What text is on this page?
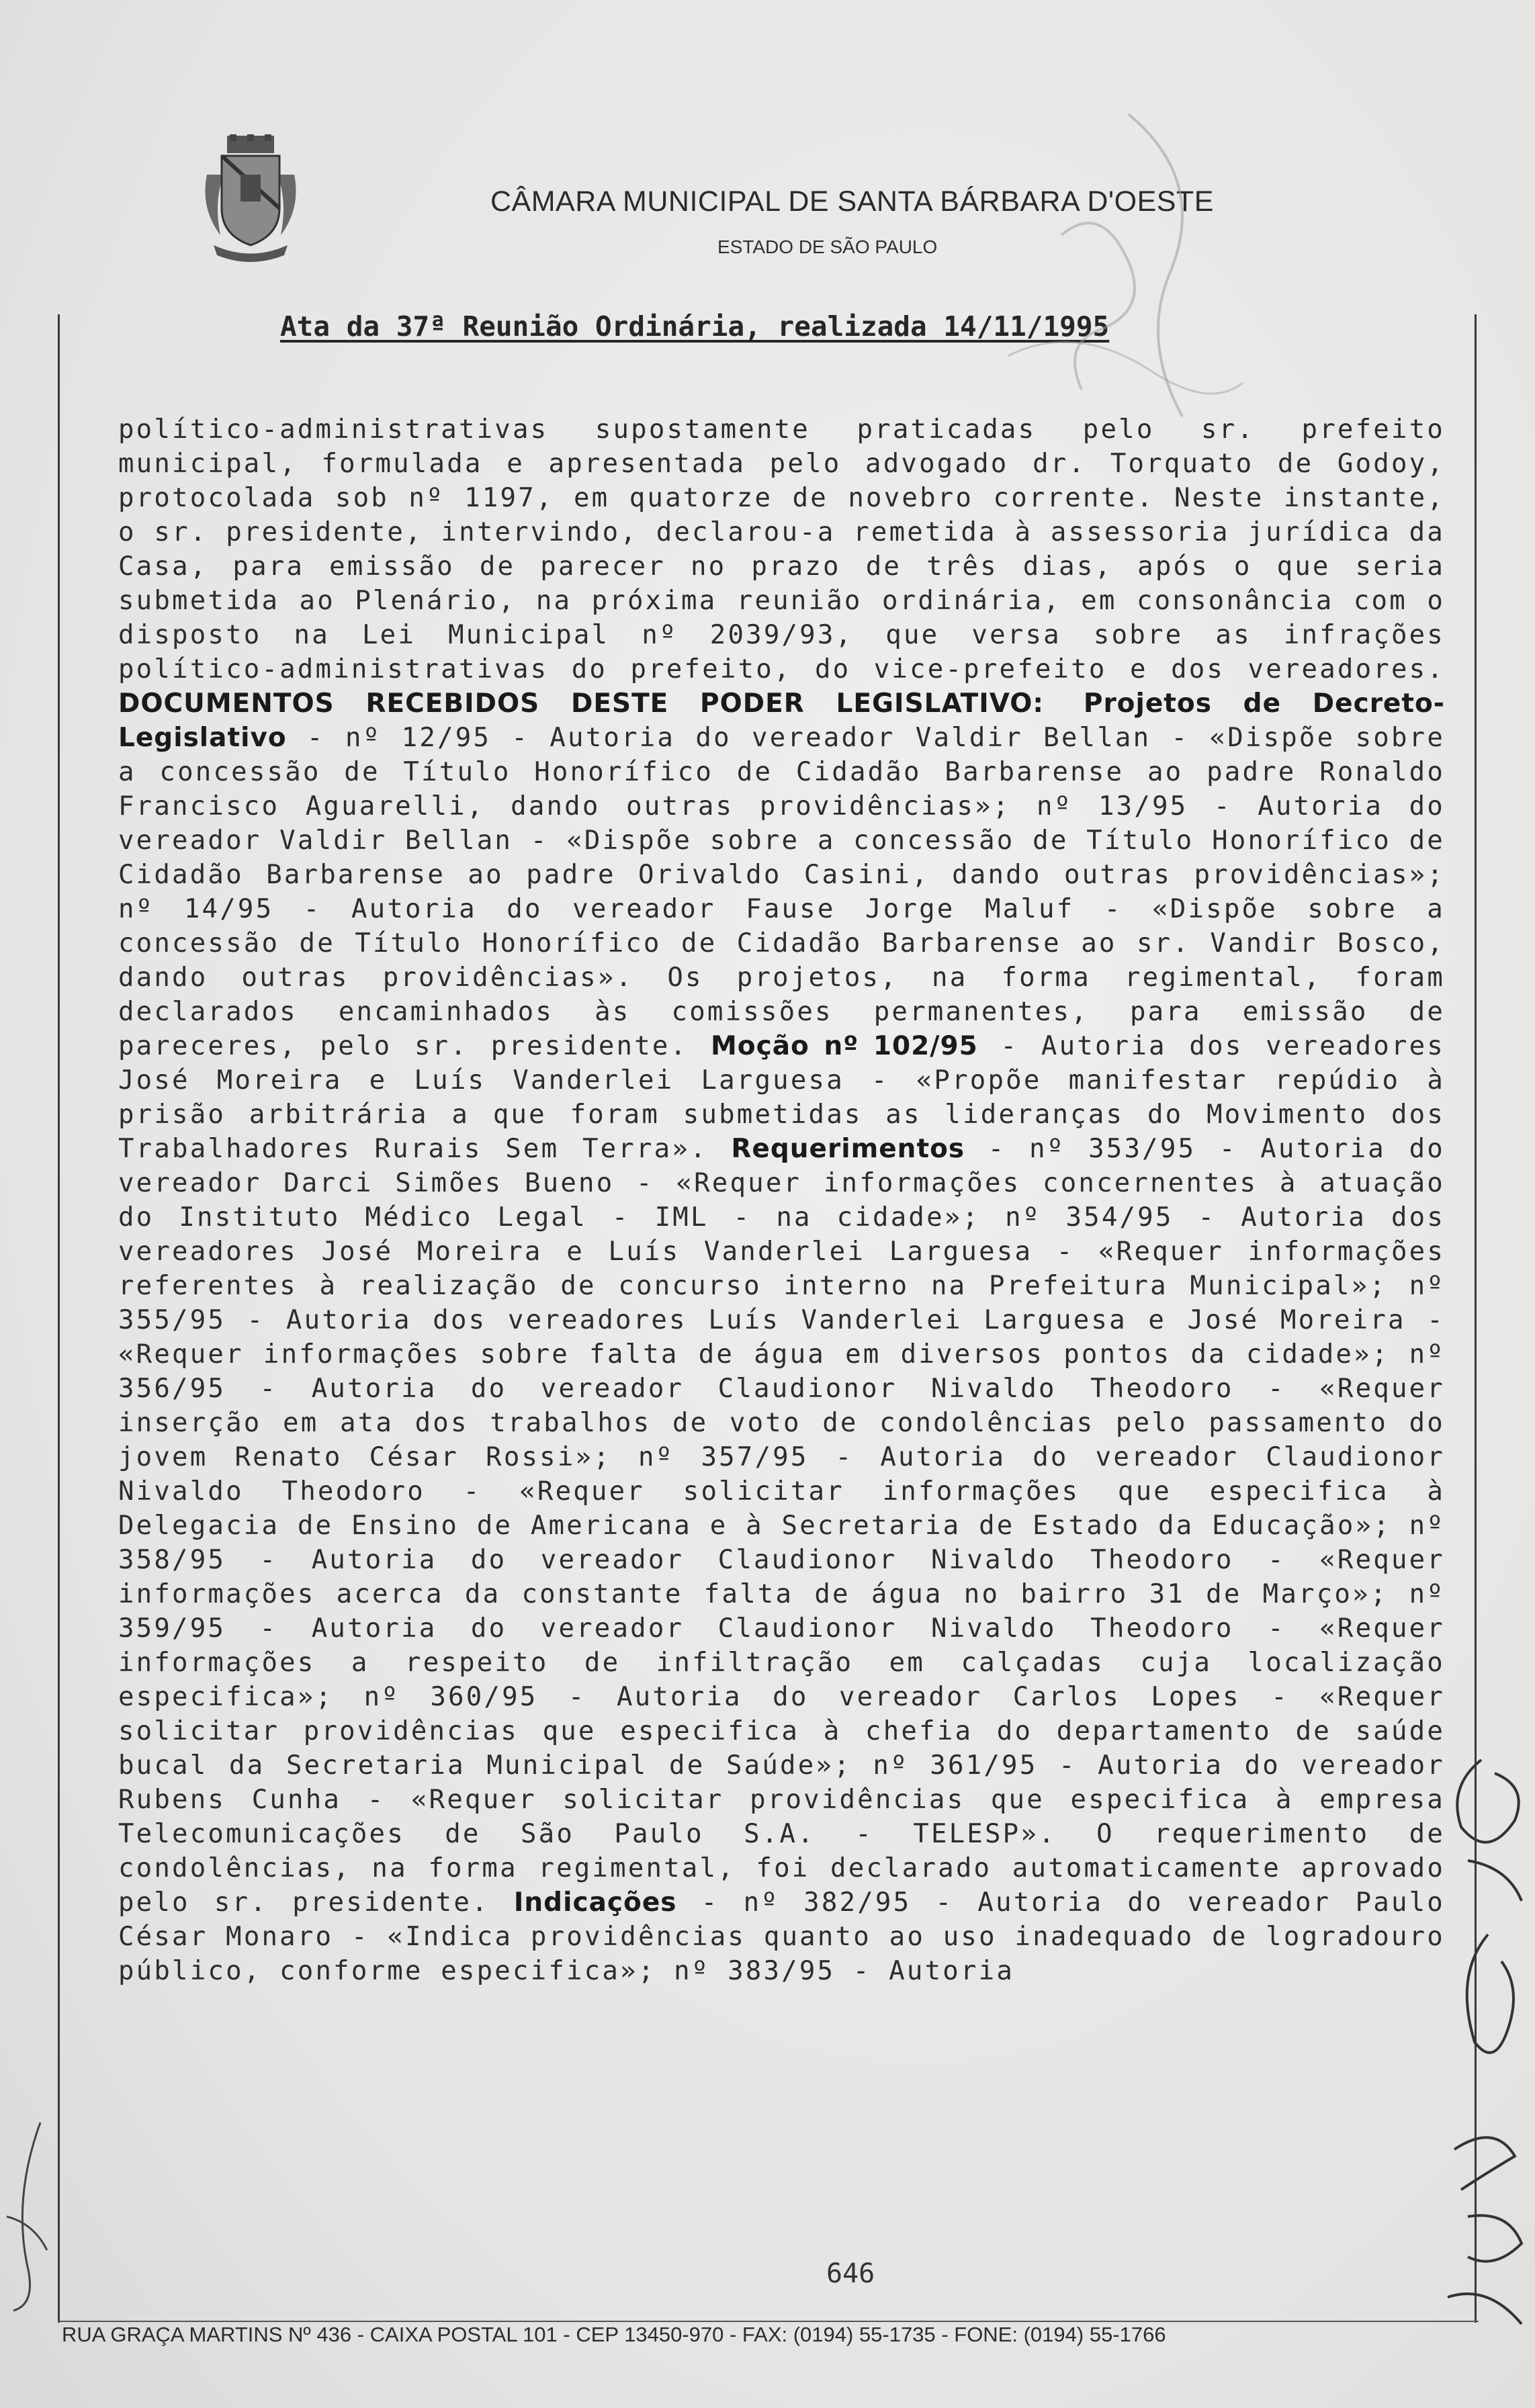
CÂMARA MUNICIPAL DE SANTA BÁRBARA D'OESTE
ESTADO DE SÃO PAULO
Ata da 37ª Reunião Ordinária, realizada 14/11/1995
político-administrativas supostamente praticadas pelo sr. prefeito municipal, formulada e apresentada pelo advogado dr. Torquato de Godoy, protocolada sob nº 1197, em quatorze de novebro corrente. Neste instante, o sr. presidente, intervindo, declarou-a remetida à assessoria jurídica da Casa, para emissão de parecer no prazo de três dias, após o que seria submetida ao Plenário, na próxima reunião ordinária, em consonância com o disposto na Lei Municipal nº 2039/93, que versa sobre as infrações político-administrativas do prefeito, do vice-prefeito e dos vereadores. DOCUMENTOS RECEBIDOS DESTE PODER LEGISLATIVO: Projetos de Decreto-Legislativo - nº 12/95 - Autoria do vereador Valdir Bellan - «Dispõe sobre a concessão de Título Honorífico de Cidadão Barbarense ao padre Ronaldo Francisco Aguarelli, dando outras providências»; nº 13/95 - Autoria do vereador Valdir Bellan - «Dispõe sobre a concessão de Título Honorífico de Cidadão Barbarense ao padre Orivaldo Casini, dando outras providências»; nº 14/95 - Autoria do vereador Fause Jorge Maluf - «Dispõe sobre a concessão de Título Honorífico de Cidadão Barbarense ao sr. Vandir Bosco, dando outras providências». Os projetos, na forma regimental, foram declarados encaminhados às comissões permanentes, para emissão de pareceres, pelo sr. presidente. Moção nº 102/95 - Autoria dos vereadores José Moreira e Luís Vanderlei Larguesa - «Propõe manifestar repúdio à prisão arbitrária a que foram submetidas as lideranças do Movimento dos Trabalhadores Rurais Sem Terra». Requerimentos - nº 353/95 - Autoria do vereador Darci Simões Bueno - «Requer informações concernentes à atuação do Instituto Médico Legal - IML - na cidade»; nº 354/95 - Autoria dos vereadores José Moreira e Luís Vanderlei Larguesa - «Requer informações referentes à realização de concurso interno na Prefeitura Municipal»; nº 355/95 - Autoria dos vereadores Luís Vanderlei Larguesa e José Moreira - «Requer informações sobre falta de água em diversos pontos da cidade»; nº 356/95 - Autoria do vereador Claudionor Nivaldo Theodoro - «Requer inserção em ata dos trabalhos de voto de condolências pelo passamento do jovem Renato César Rossi»; nº 357/95 - Autoria do vereador Claudionor Nivaldo Theodoro - «Requer solicitar informações que especifica à Delegacia de Ensino de Americana e à Secretaria de Estado da Educação»; nº 358/95 - Autoria do vereador Claudionor Nivaldo Theodoro - «Requer informações acerca da constante falta de água no bairro 31 de Março»; nº 359/95 - Autoria do vereador Claudionor Nivaldo Theodoro - «Requer informações a respeito de infiltração em calçadas cuja localização especifica»; nº 360/95 - Autoria do vereador Carlos Lopes - «Requer solicitar providências que especifica à chefia do departamento de saúde bucal da Secretaria Municipal de Saúde»; nº 361/95 - Autoria do vereador Rubens Cunha - «Requer solicitar providências que especifica à empresa Telecomunicações de São Paulo S.A. - TELESP». O requerimento de condolências, na forma regimental, foi declarado automaticamente aprovado pelo sr. presidente. Indicações - nº 382/95 - Autoria do vereador Paulo César Monaro - «Indica providências quanto ao uso inadequado de logradouro público, conforme especifica»; nº 383/95 - Autoria
646
RUA GRAÇA MARTINS Nº 436 - CAIXA POSTAL 101 - CEP 13450-970 - FAX: (0194) 55-1735 - FONE: (0194) 55-1766
